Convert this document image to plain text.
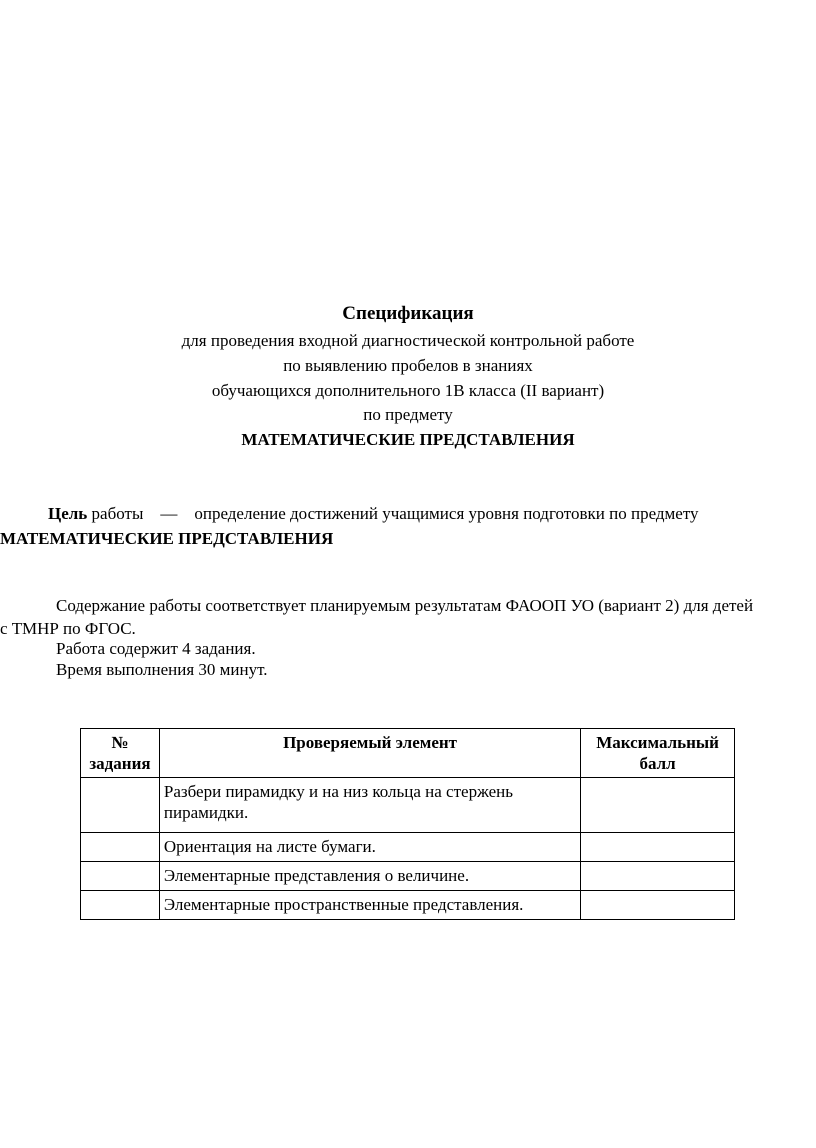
Спецификация
для проведения входной диагностической контрольной работе
по выявлению пробелов в знаниях
обучающихся дополнительного 1В класса (II вариант)
по предмету
МАТЕМАТИЧЕСКИЕ ПРЕДСТАВЛЕНИЯ
Цель работы    —    определение достижений учащимися уровня подготовки по предмету
МАТЕМАТИЧЕСКИЕ ПРЕДСТАВЛЕНИЯ
Содержание работы соответствует планируемым результатам ФАООП УО (вариант 2) для детей
с ТМНР по ФГОС.
Работа содержит 4 задания.
Время выполнения 30 минут.
№ задания	Проверяемый элемент	Максимальный балл
	Разбери пирамидку и на низ кольца на стержень пирамидки.	
	Ориентация на листе бумаги.	
	Элементарные представления о величине.	
	Элементарные пространственные представления.	
